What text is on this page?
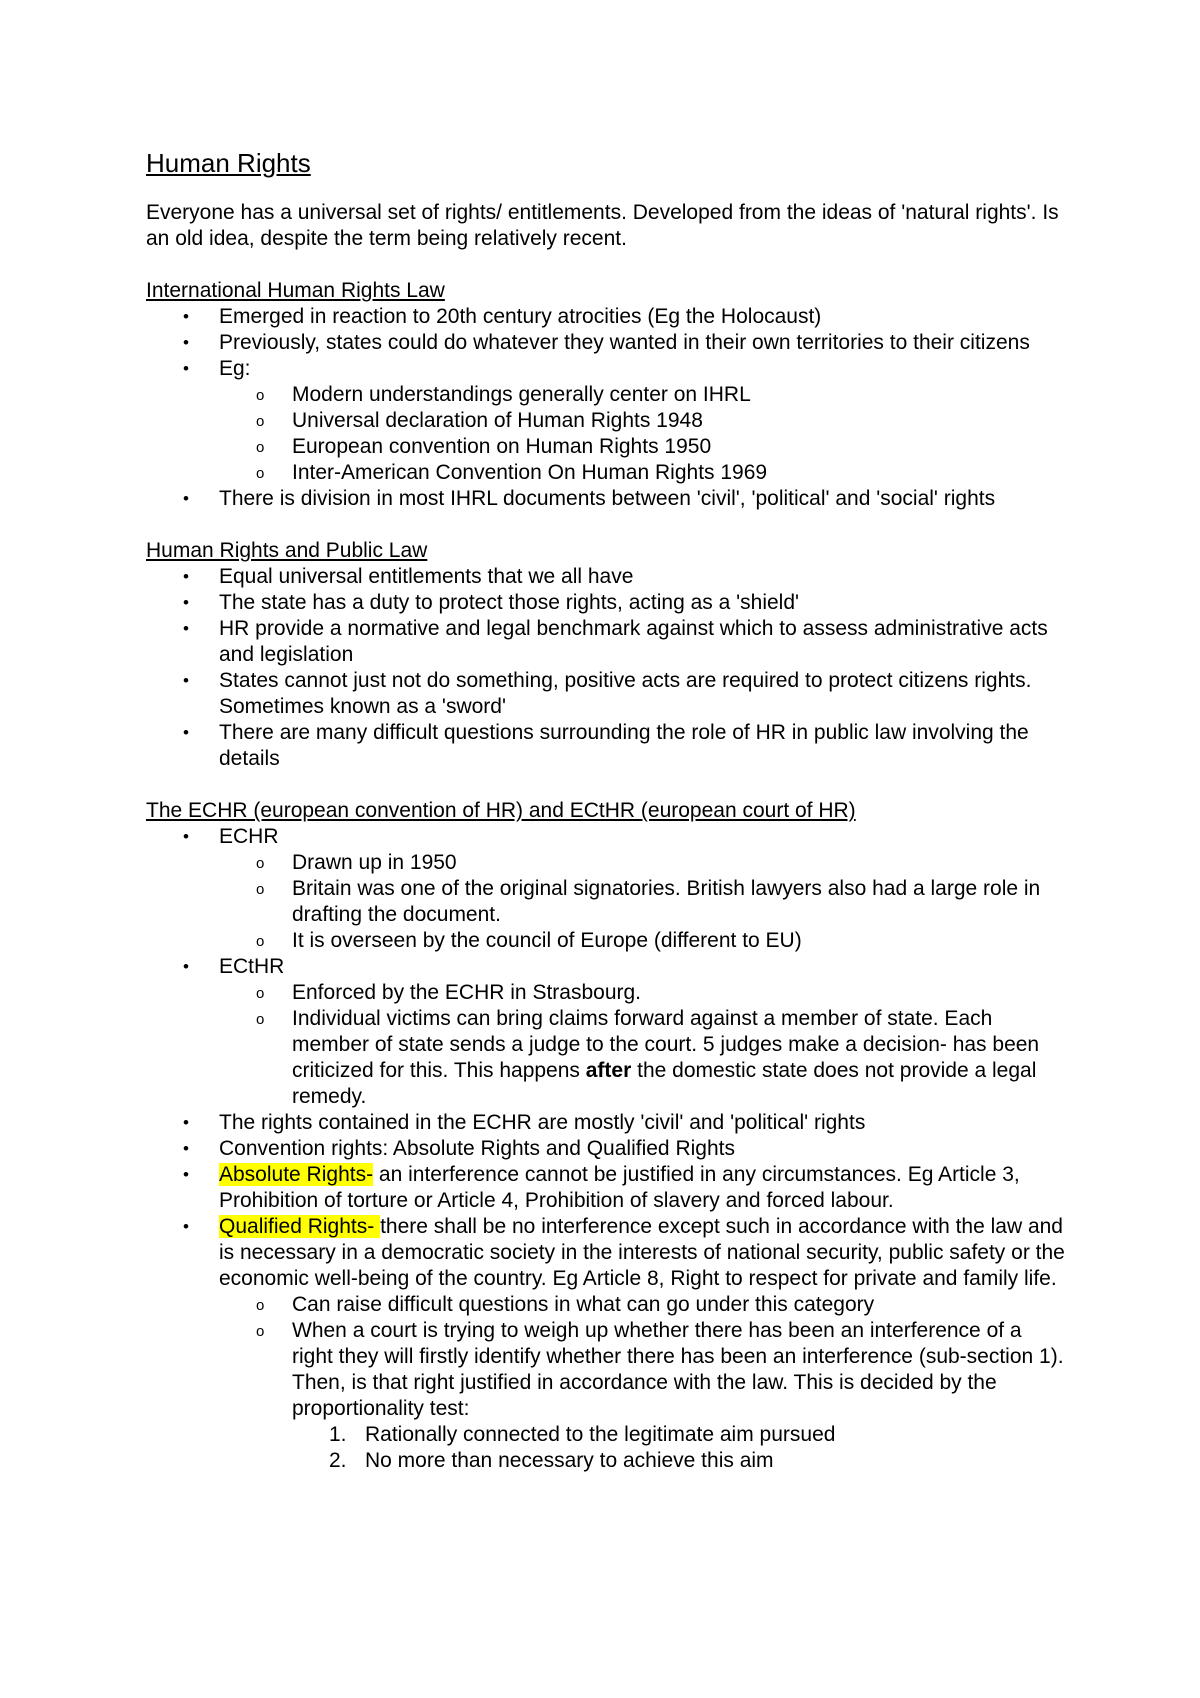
Human Rights

Everyone has a universal set of rights/ entitlements. Developed from the ideas of 'natural rights'. Is an old idea, despite the term being relatively recent.

International Human Rights Law
• Emerged in reaction to 20th century atrocities (Eg the Holocaust)
• Previously, states could do whatever they wanted in their own territories to their citizens
• Eg:
o Modern understandings generally center on IHRL
o Universal declaration of Human Rights 1948
o European convention on Human Rights 1950
o Inter-American Convention On Human Rights 1969
• There is division in most IHRL documents between 'civil', 'political' and 'social' rights
Human Rights and Public Law
• Equal universal entitlements that we all have
• The state has a duty to protect those rights, acting as a 'shield'
• HR provide a normative and legal benchmark against which to assess administrative acts and legislation
• States cannot just not do something, positive acts are required to protect citizens rights. Sometimes known as a 'sword'
• There are many difficult questions surrounding the role of HR in public law involving the details
The ECHR (european convention of HR) and ECtHR (european court of HR)
• ECHR
o Drawn up in 1950
o Britain was one of the original signatories. British lawyers also had a large role in drafting the document.
o It is overseen by the council of Europe (different to EU)
• ECtHR
o Enforced by the ECHR in Strasbourg.
o Individual victims can bring claims forward against a member of state. Each member of state sends a judge to the court. 5 judges make a decision- has been criticized for this. This happens after the domestic state does not provide a legal remedy.
• The rights contained in the ECHR are mostly 'civil' and 'political' rights
• Convention rights: Absolute Rights and Qualified Rights
• Absolute Rights- an interference cannot be justified in any circumstances. Eg Article 3, Prohibition of torture or Article 4, Prohibition of slavery and forced labour.
• Qualified Rights- there shall be no interference except such in accordance with the law and is necessary in a democratic society in the interests of national security, public safety or the economic well-being of the country. Eg Article 8, Right to respect for private and family life.
o Can raise difficult questions in what can go under this category
o When a court is trying to weigh up whether there has been an interference of a right they will firstly identify whether there has been an interference (sub-section 1). Then, is that right justified in accordance with the law. This is decided by the proportionality test:
1. Rationally connected to the legitimate aim pursued
2. No more than necessary to achieve this aim
